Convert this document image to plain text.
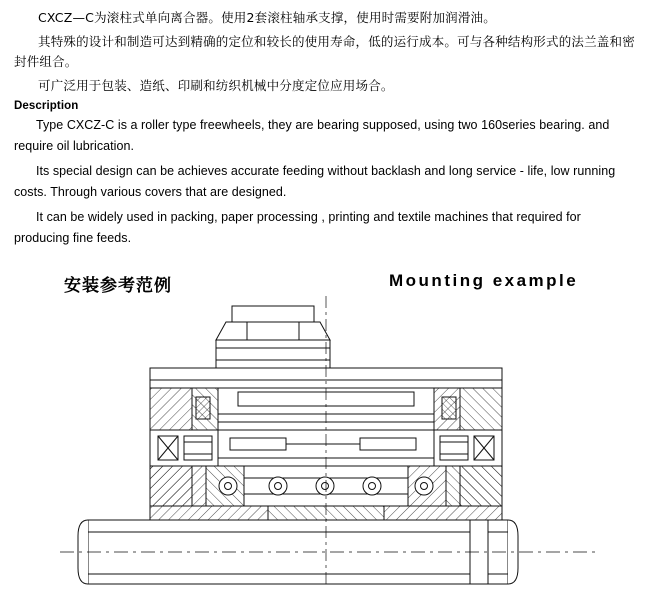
CXCZ—C为滚柱式单向离合器。使用2套滚柱轴承支撑，使用时需要附加润滑油。

其特殊的设计和制造可达到精确的定位和较长的使用寿命，低的运行成本。可与各种结构形式的法兰盖和密封件组合。

可广泛用于包装、造纸、印刷和纺织机械中分度定位应用场合。

Description

Type CXCZ-C is a roller type freewheels, they are bearing supposed, using two 160series bearing. and require oil lubrication.

Its special design can be achieves accurate feeding without backlash and long service - life, low running costs. Through various covers that are designed.

It can be widely used in packing, paper processing , printing and textile machines that required for producing fine feeds.

安装参考范例	Mounting example
